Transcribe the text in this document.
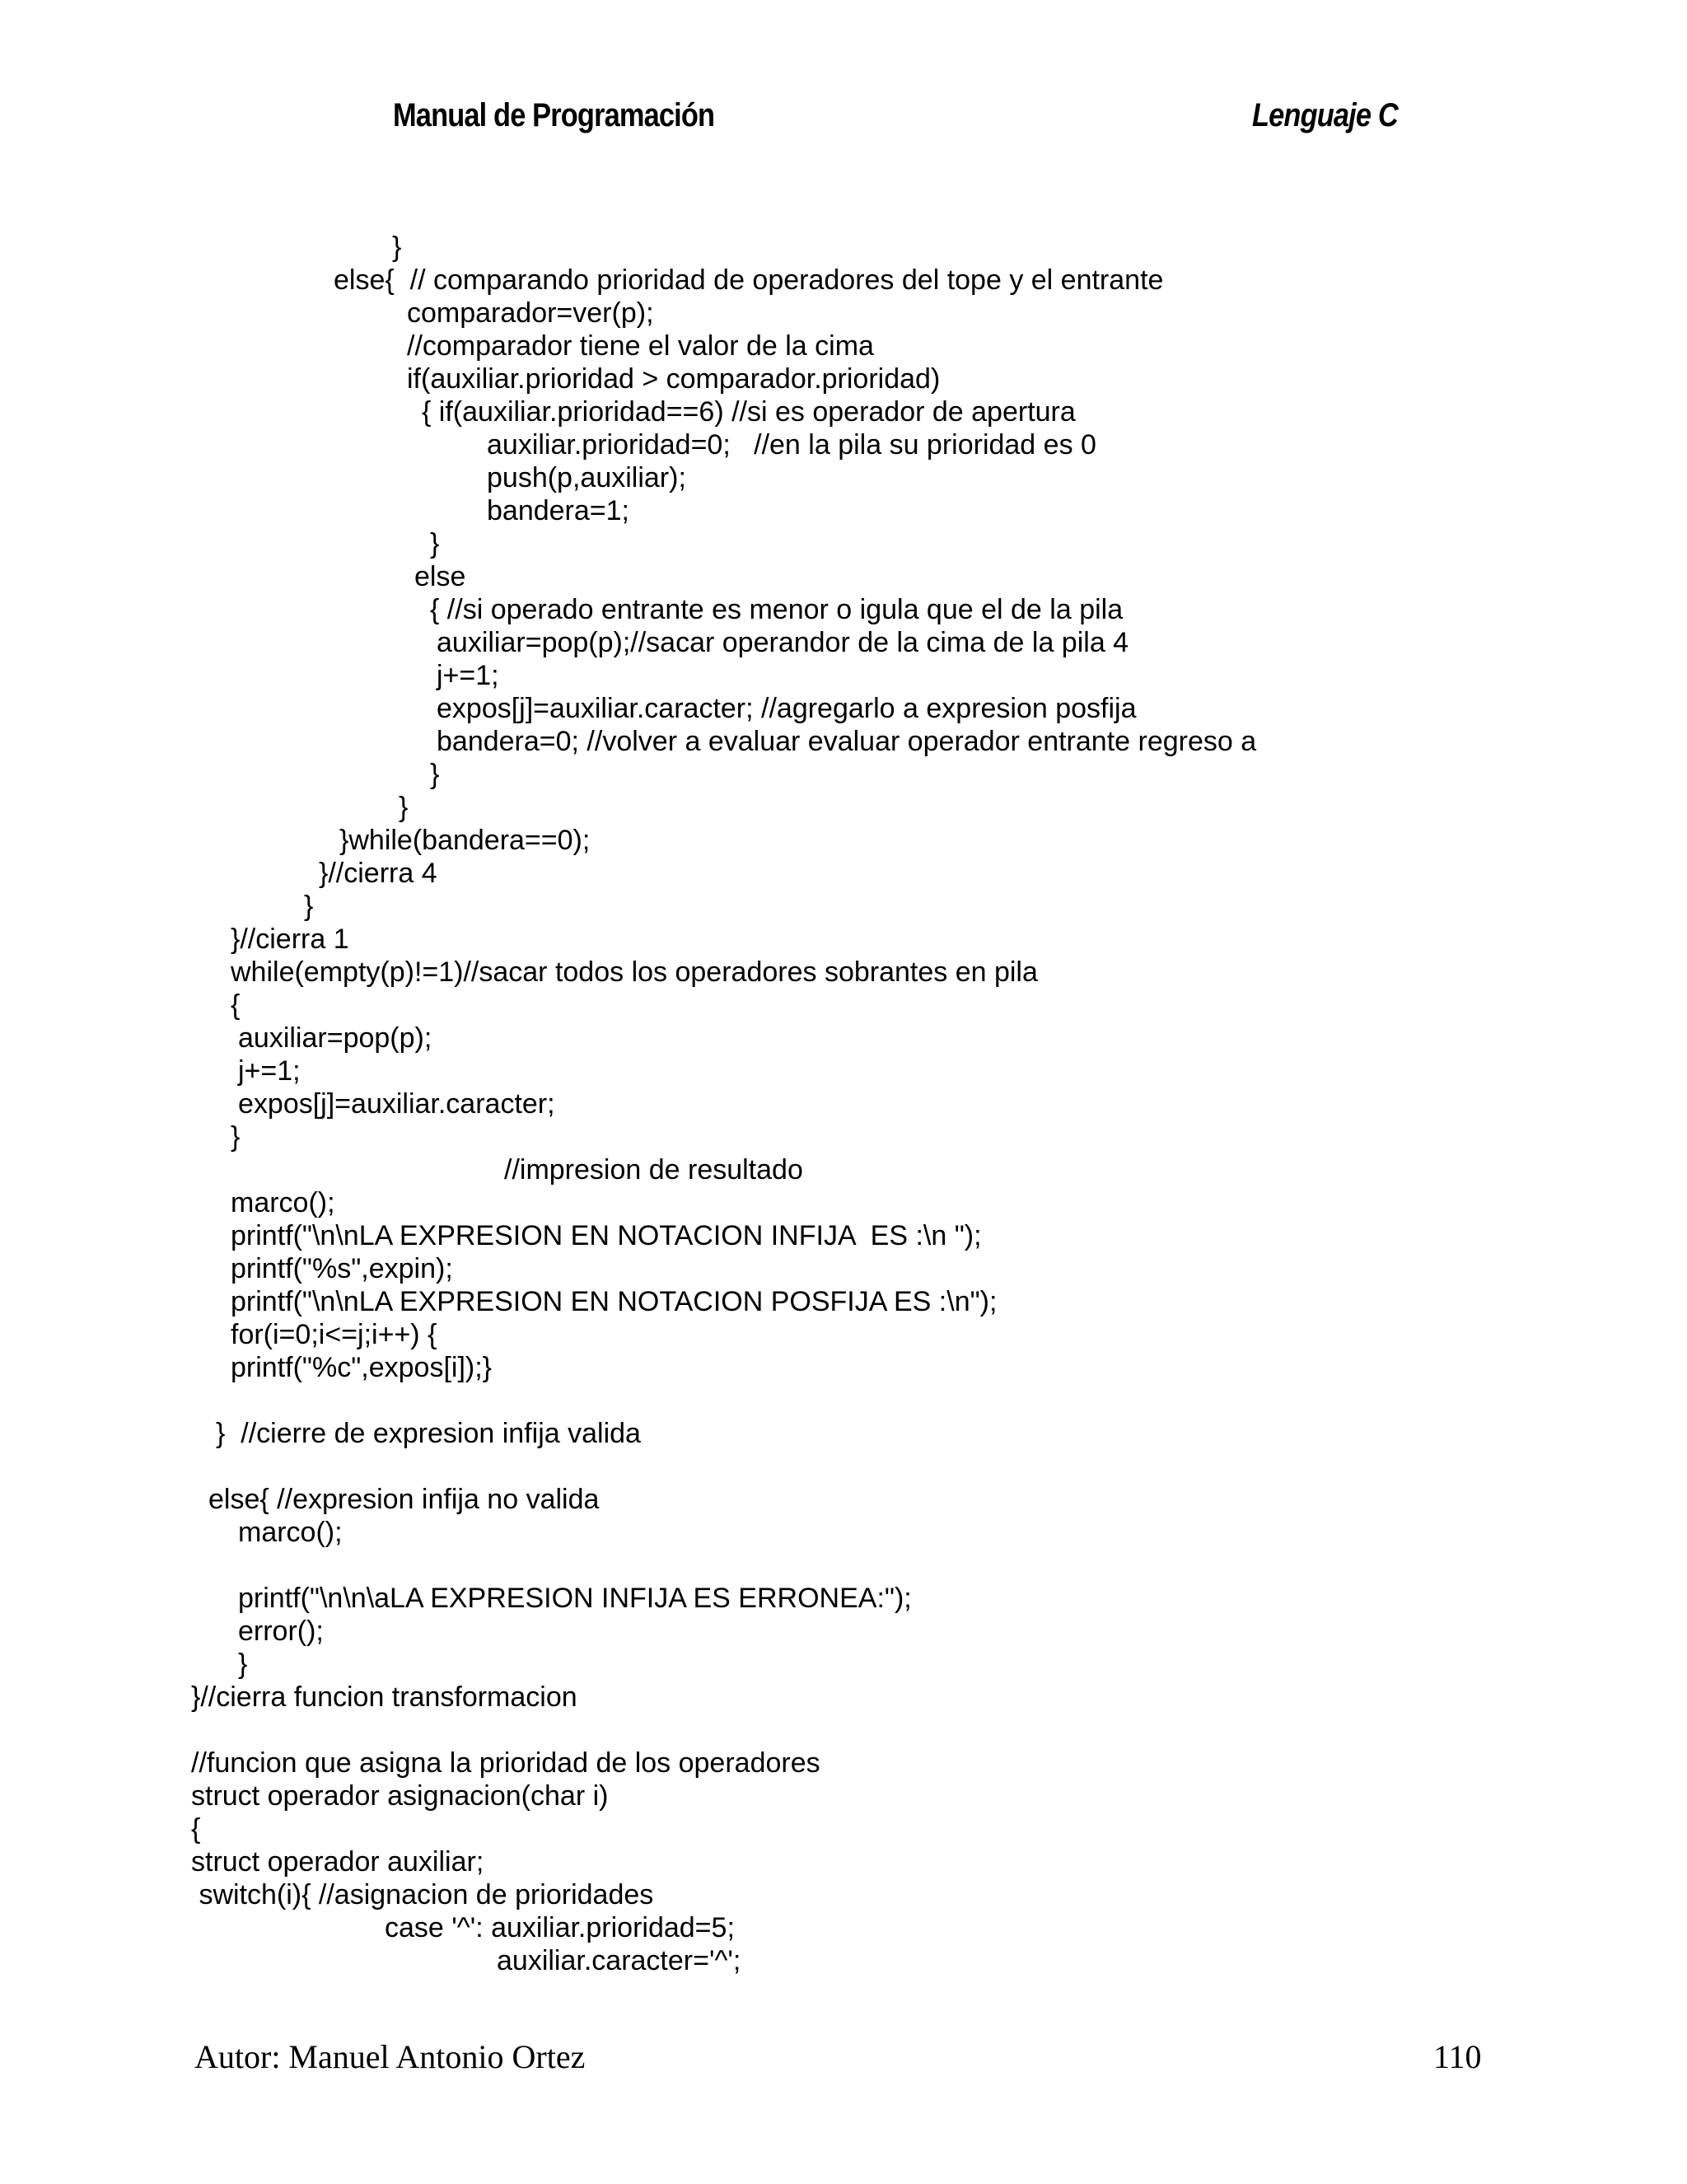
Manual de Programación	Lenguaje C
}
else{  // comparando prioridad de operadores del tope y el entrante
comparador=ver(p);
//comparador tiene el valor de la cima
if(auxiliar.prioridad > comparador.prioridad)
{ if(auxiliar.prioridad==6) //si es operador de apertura
auxiliar.prioridad=0;   //en la pila su prioridad es 0
push(p,auxiliar);
bandera=1;
}
else
{ //si operado entrante es menor o igula que el de la pila
auxiliar=pop(p);//sacar operandor de la cima de la pila 4
j+=1;
expos[j]=auxiliar.caracter; //agregarlo a expresion posfija
bandera=0; //volver a evaluar evaluar operador entrante regreso a
}
}
}while(bandera==0);
}//cierra 4
}
}//cierra 1
while(empty(p)!=1)//sacar todos los operadores sobrantes en pila
{
auxiliar=pop(p);
j+=1;
expos[j]=auxiliar.caracter;
}
//impresion de resultado
marco();
printf("\n\nLA EXPRESION EN NOTACION INFIJA  ES :\n ");
printf("%s",expin);
printf("\n\nLA EXPRESION EN NOTACION POSFIJA ES :\n");
for(i=0;i<=j;i++) {
printf("%c",expos[i]);}
}  //cierre de expresion infija valida
else{ //expresion infija no valida
marco();
printf("\n\n\aLA EXPRESION INFIJA ES ERRONEA:");
error();
}
}//cierra funcion transformacion
//funcion que asigna la prioridad de los operadores
struct operador asignacion(char i)
{
struct operador auxiliar;
switch(i){ //asignacion de prioridades
case '^': auxiliar.prioridad=5;
auxiliar.caracter='^';
Autor: Manuel Antonio Ortez	110
